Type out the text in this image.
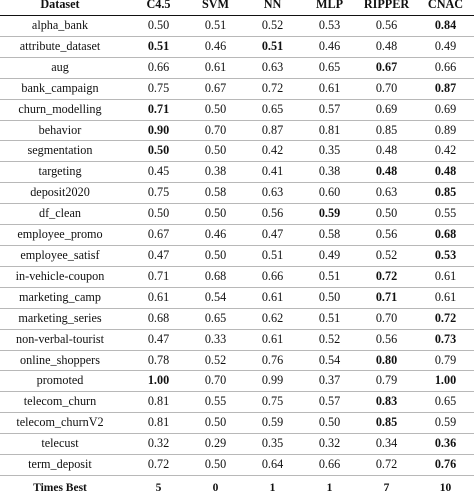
Dataset	C4.5	SVM	NN	MLP	RIPPER	CNAC
alpha_bank	0.50	0.51	0.52	0.53	0.56	0.84
attribute_dataset	0.51	0.46	0.51	0.46	0.48	0.49
aug	0.66	0.61	0.63	0.65	0.67	0.66
bank_campaign	0.75	0.67	0.72	0.61	0.70	0.87
churn_modelling	0.71	0.50	0.65	0.57	0.69	0.69
behavior	0.90	0.70	0.87	0.81	0.85	0.89
segmentation	0.50	0.50	0.42	0.35	0.48	0.42
targeting	0.45	0.38	0.41	0.38	0.48	0.48
deposit2020	0.75	0.58	0.63	0.60	0.63	0.85
df_clean	0.50	0.50	0.56	0.59	0.50	0.55
employee_promo	0.67	0.46	0.47	0.58	0.56	0.68
employee_satisf	0.47	0.50	0.51	0.49	0.52	0.53
in-vehicle-coupon	0.71	0.68	0.66	0.51	0.72	0.61
marketing_camp	0.61	0.54	0.61	0.50	0.71	0.61
marketing_series	0.68	0.65	0.62	0.51	0.70	0.72
non-verbal-tourist	0.47	0.33	0.61	0.52	0.56	0.73
online_shoppers	0.78	0.52	0.76	0.54	0.80	0.79
promoted	1.00	0.70	0.99	0.37	0.79	1.00
telecom_churn	0.81	0.55	0.75	0.57	0.83	0.65
telecom_churnV2	0.81	0.50	0.59	0.50	0.85	0.59
telecust	0.32	0.29	0.35	0.32	0.34	0.36
term_deposit	0.72	0.50	0.64	0.66	0.72	0.76
Times Best	5	0	1	1	7	10
